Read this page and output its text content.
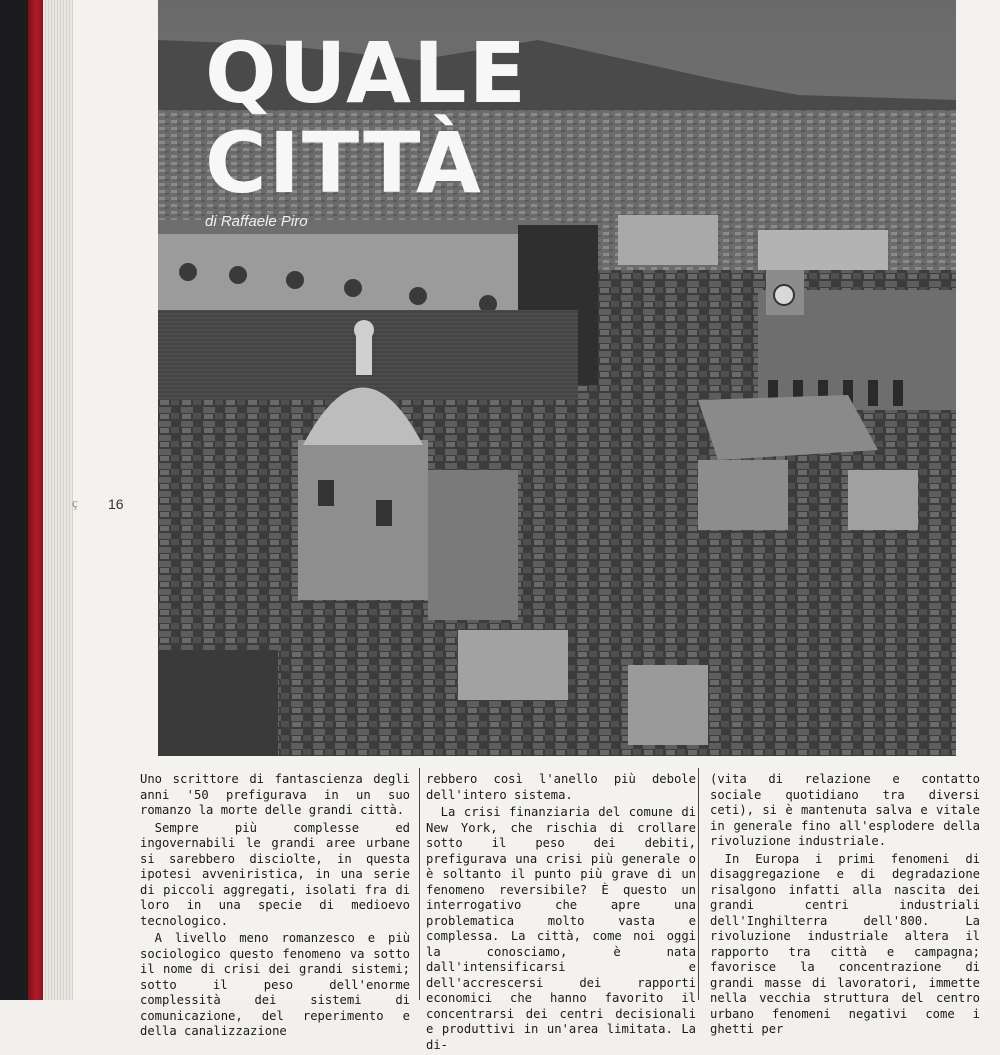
ç 16
QUALE
CITTÀ
di Raffaele Piro

Uno scrittore di fantascienza degli anni '50 prefigurava in un suo romanzo la morte delle grandi città.

Sempre più complesse ed ingovernabili le grandi aree urbane si sarebbero disciolte, in questa ipotesi avveniristica, in una serie di piccoli aggregati, isolati fra di loro in una specie di medioevo tecnologico.

A livello meno romanzesco e più sociologico questo fenomeno va sotto il nome di crisi dei grandi sistemi; sotto il peso dell'enorme complessità dei sistemi di comunicazione, del reperimento e della canalizzazione

rebbero così l'anello più debole dell'intero sistema.

La crisi finanziaria del comune di New York, che rischia di crollare sotto il peso dei debiti, prefigurava una crisi più generale o è soltanto il punto più grave di un fenomeno reversibile? È questo un interrogativo che apre una problematica molto vasta e complessa. La città, come noi oggi la conosciamo, è nata dall'intensificarsi e dell'accrescersi dei rapporti economici che hanno favorito il concentrarsi dei centri decisionali e produttivi in un'area limitata. La di-

(vita di relazione e contatto sociale quotidiano tra diversi ceti), si è mantenuta salva e vitale in generale fino all'esplodere della rivoluzione industriale.

In Europa i primi fenomeni di disaggregazione e di degradazione risalgono infatti alla nascita dei grandi centri industriali dell'Inghilterra dell'800. La rivoluzione industriale altera il rapporto tra città e campagna; favorisce la concentrazione di grandi masse di lavoratori, immette nella vecchia struttura del centro urbano fenomeni negativi come i ghetti per
